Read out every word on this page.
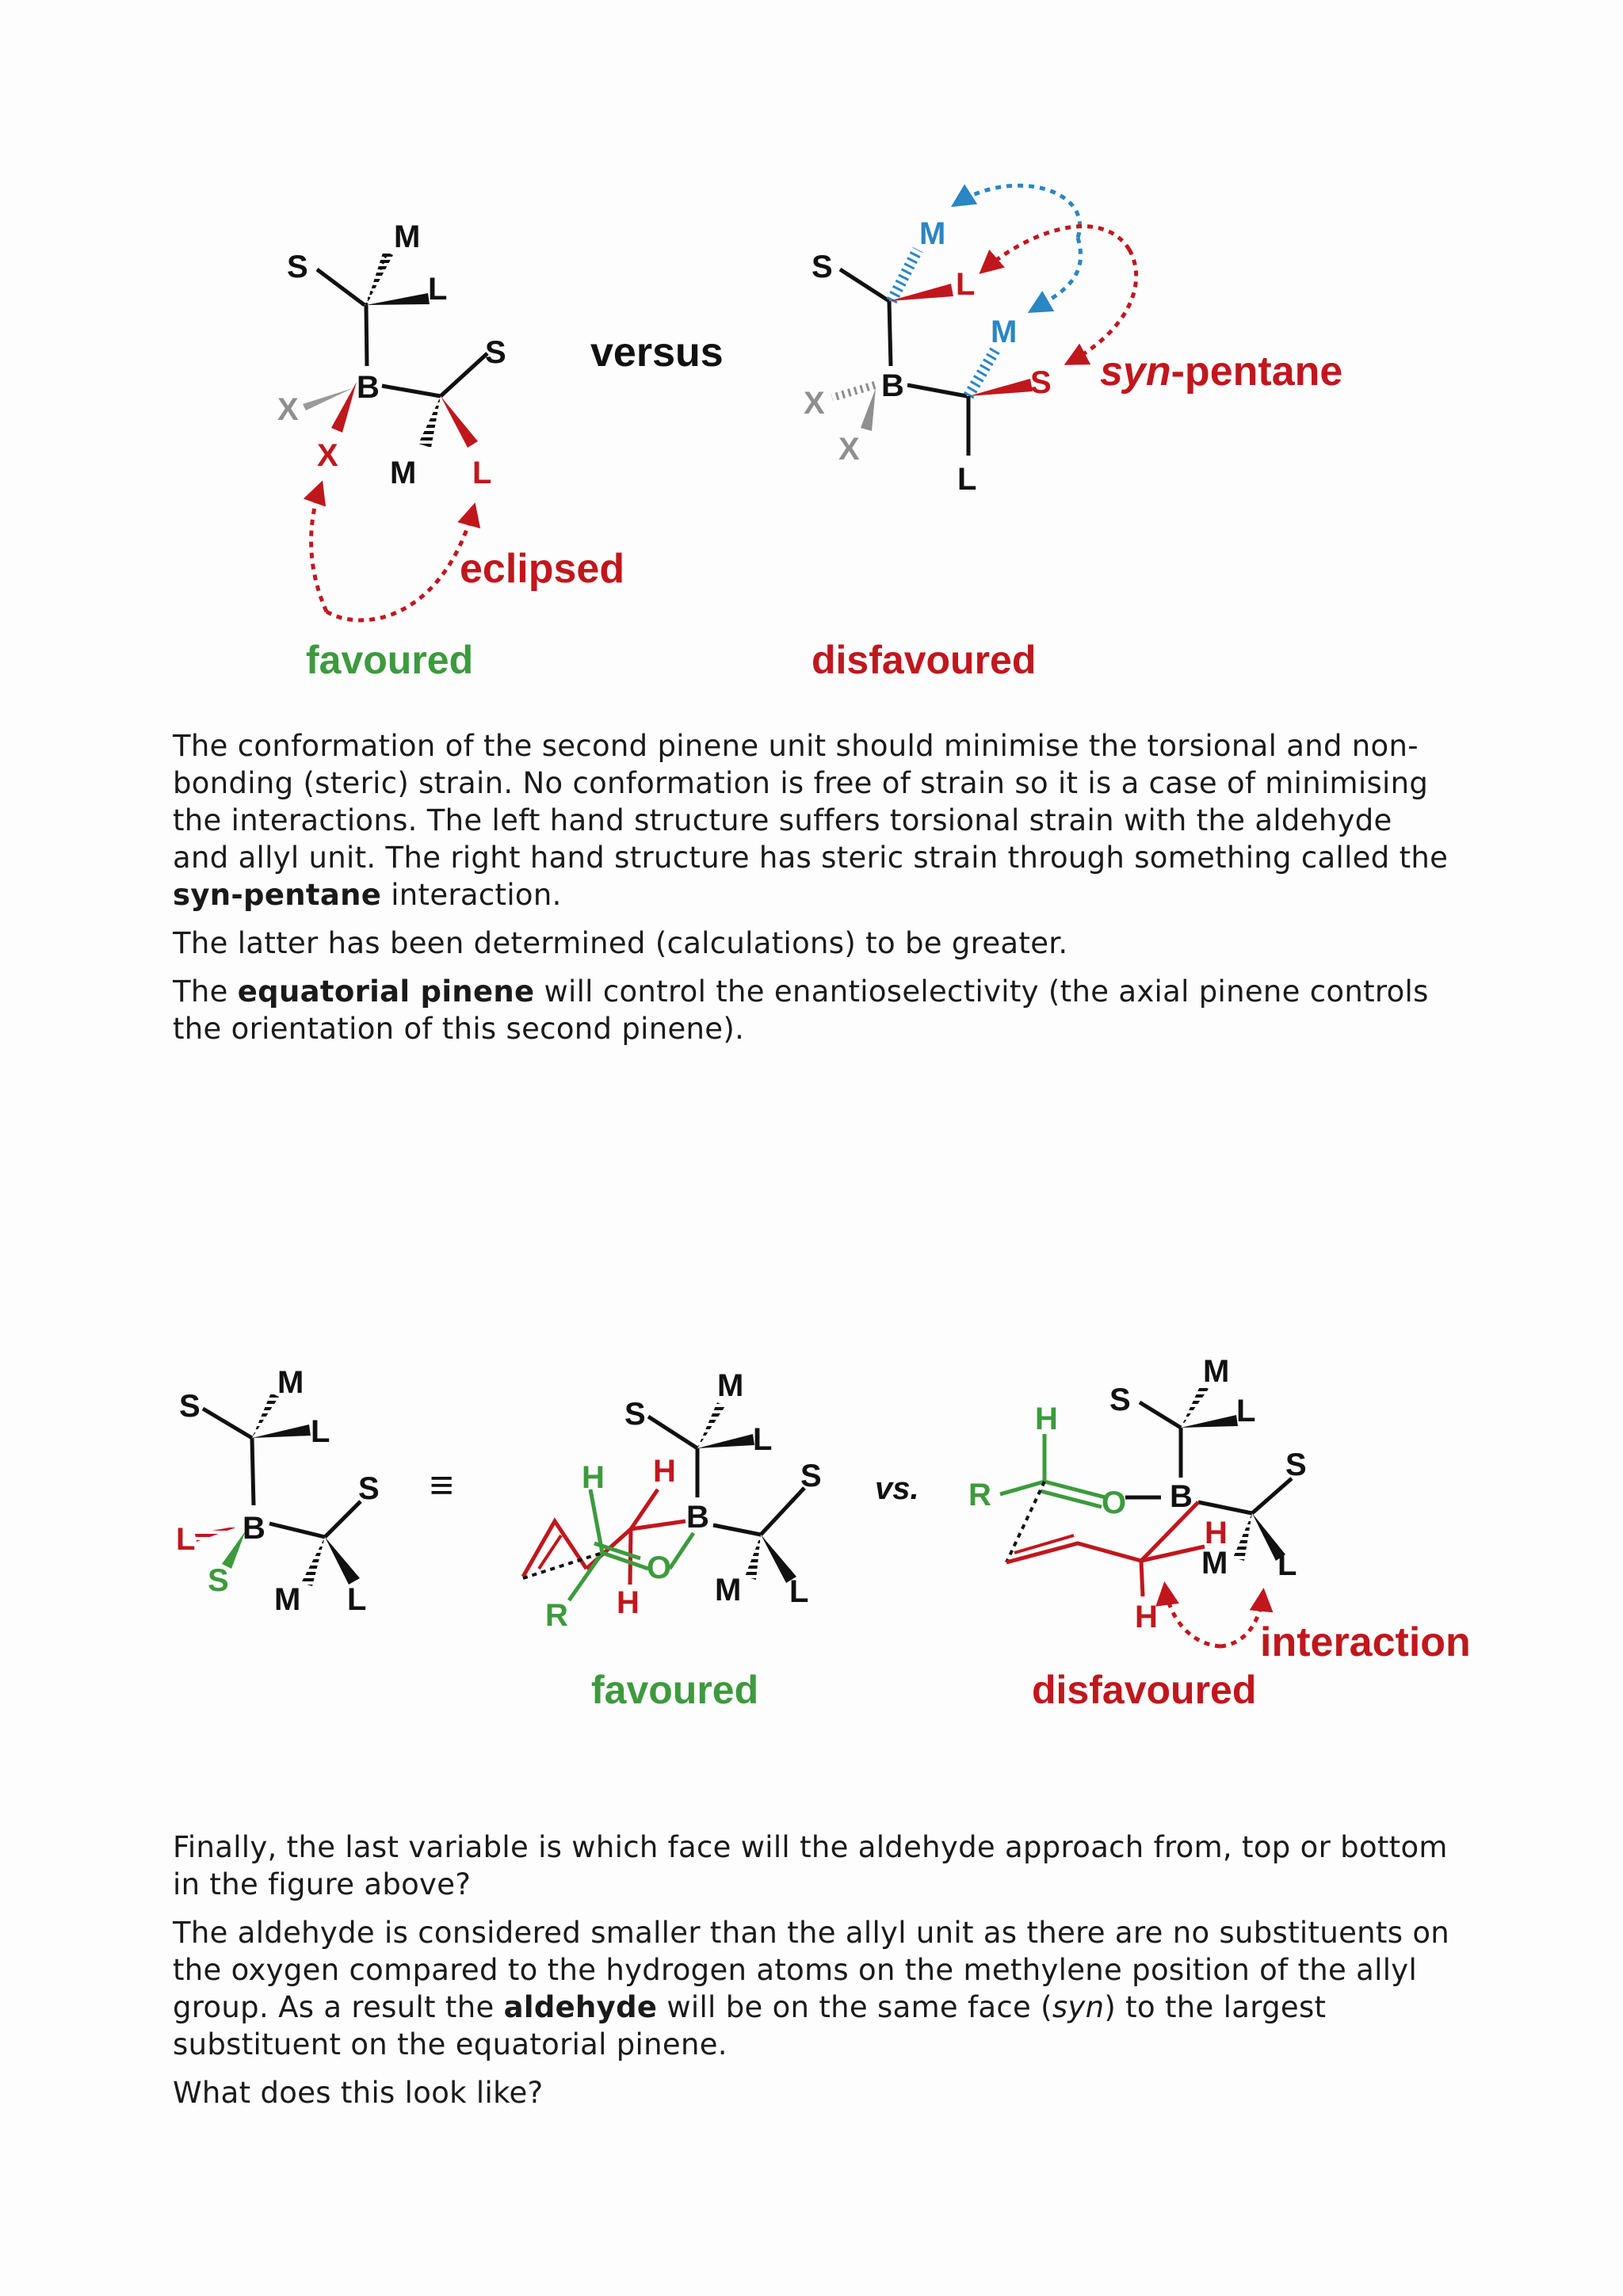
S
M
L
B
X
X
S
M L
eclipsed
favoured
versus
S
M
L
B
X
X
M
S
L
syn-pentane
disfavoured

The conformation of the second pinene unit should minimise the torsional and non-bonding (steric) strain. No conformation is free of strain so it is a case of minimising the interactions. The left hand structure suffers torsional strain with the aldehyde and allyl unit. The right hand structure has steric strain through something called the syn-pentane interaction.

The latter has been determined (calculations) to be greater.

The equatorial pinene will control the enantioselectivity (the axial pinene controls the orientation of this second pinene).

S
M
L
B
L
S
S
M L
≡
S
M
L
B
H H
O
H
R
S
M L
favoured
vs.
M
S	L
H
R	O B
S
H
M L
H
interaction
disfavoured

Finally, the last variable is which face will the aldehyde approach from, top or bottom in the figure above?

The aldehyde is considered smaller than the allyl unit as there are no substituents on the oxygen compared to the hydrogen atoms on the methylene position of the allyl group. As a result the aldehyde will be on the same face (syn) to the largest substituent on the equatorial pinene.

What does this look like?
